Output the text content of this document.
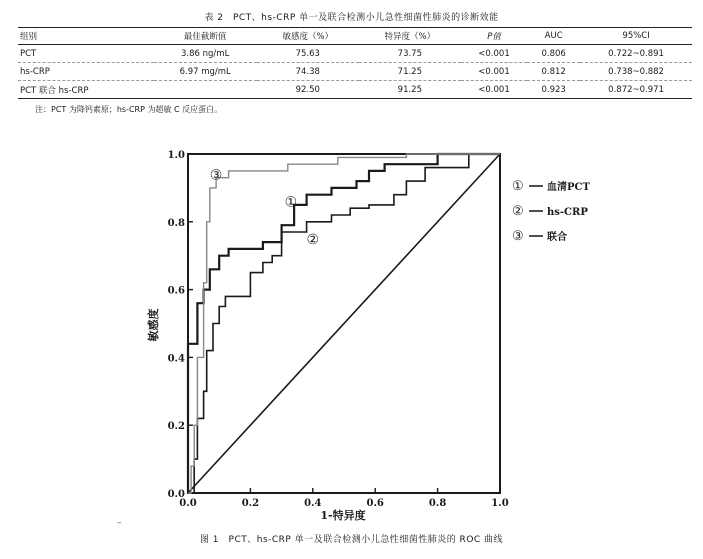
表 2　PCT、hs-CRP 单一及联合检测小儿急性细菌性肺炎的诊断效能
组别	最佳截断值	敏感度（%）	特异度（%）	P值	AUC	95%CI
PCT	3.86 ng/mL	75.63	73.75	<0.001	0.806	0.722~0.891
hs-CRP	6.97 mg/mL	74.38	71.25	<0.001	0.812	0.738~0.882
PCT 联合 hs-CRP		92.50	91.25	<0.001	0.923	0.872~0.971
注：PCT 为降钙素原；hs-CRP 为超敏 C 反应蛋白。
0.0	0.2	0.4	0.6	0.8	1.0
0.0
0.2
0.4
0.6
0.8
1.0
①
②
③
① 血清PCT
② hs-CRP
③ 联合
1-特异度
敏感度
–
图 1　PCT、hs-CRP 单一及联合检测小儿急性细菌性肺炎的 ROC 曲线
